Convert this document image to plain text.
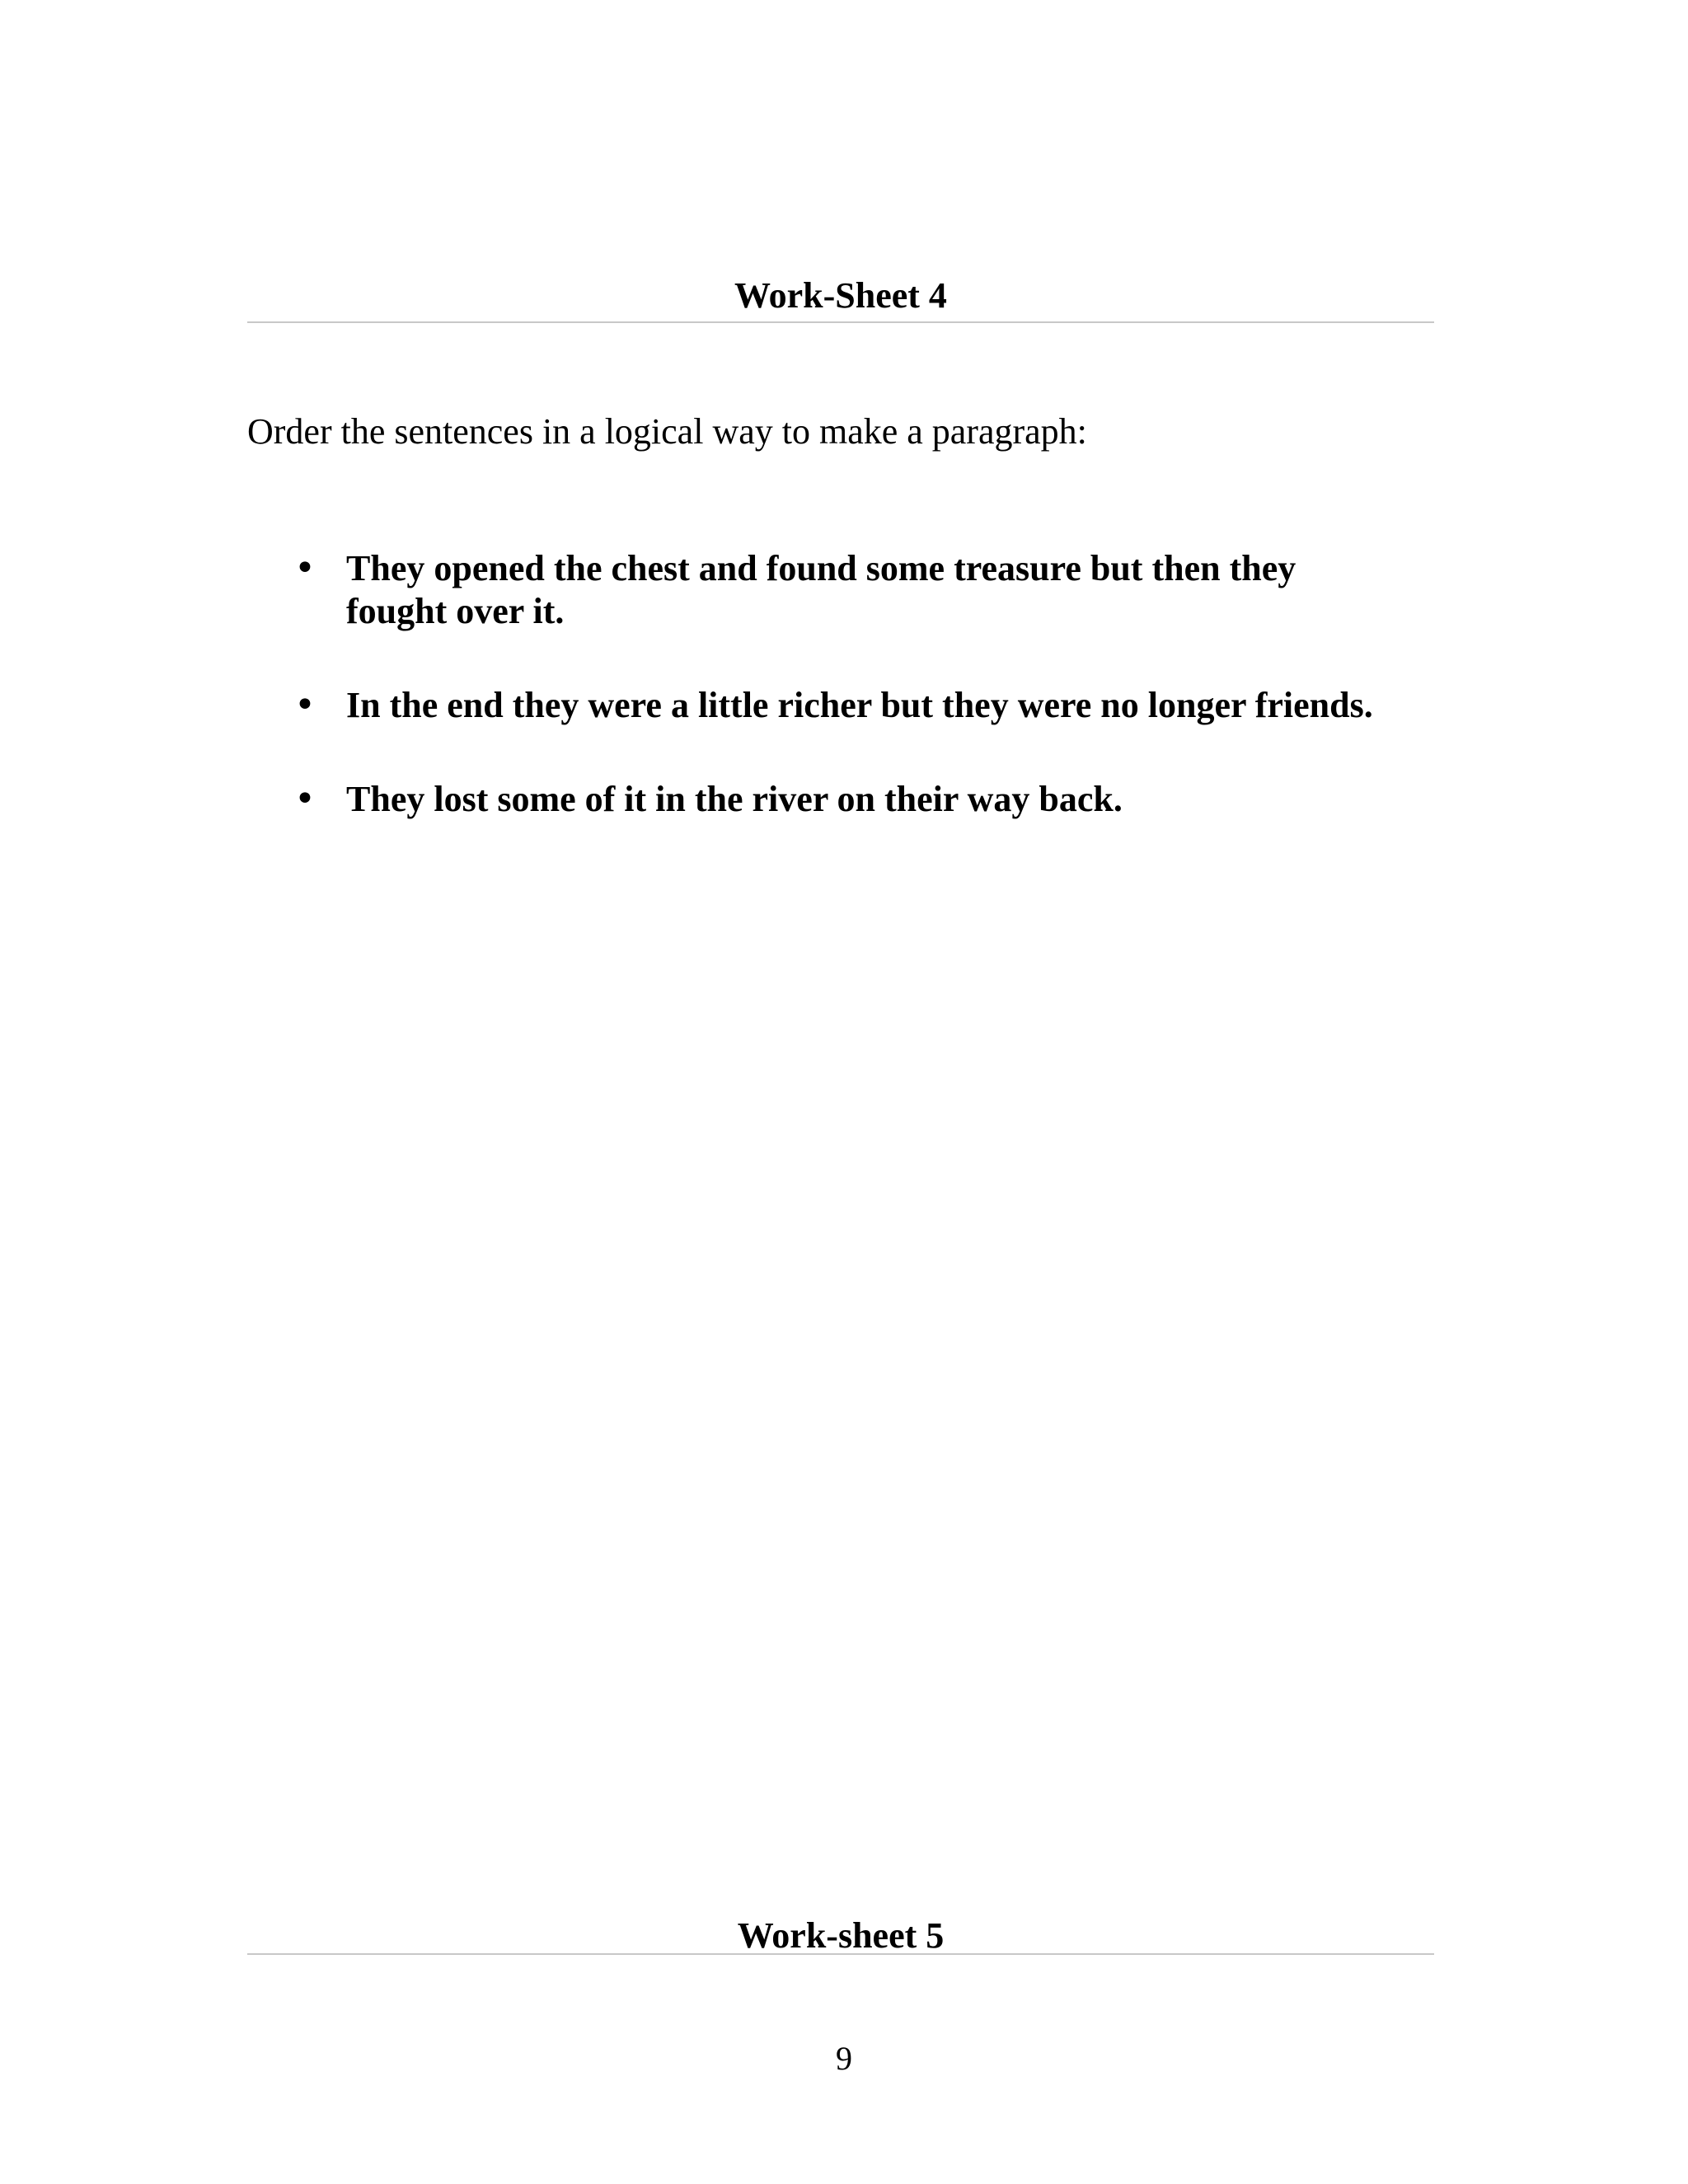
Work-Sheet 4

Order the sentences in a logical way to make a paragraph:

• They opened the chest and found some treasure but then they fought over it.
• In the end they were a little richer but they were no longer friends.
• They lost some of it in the river on their way back.
Work-sheet 5

9
